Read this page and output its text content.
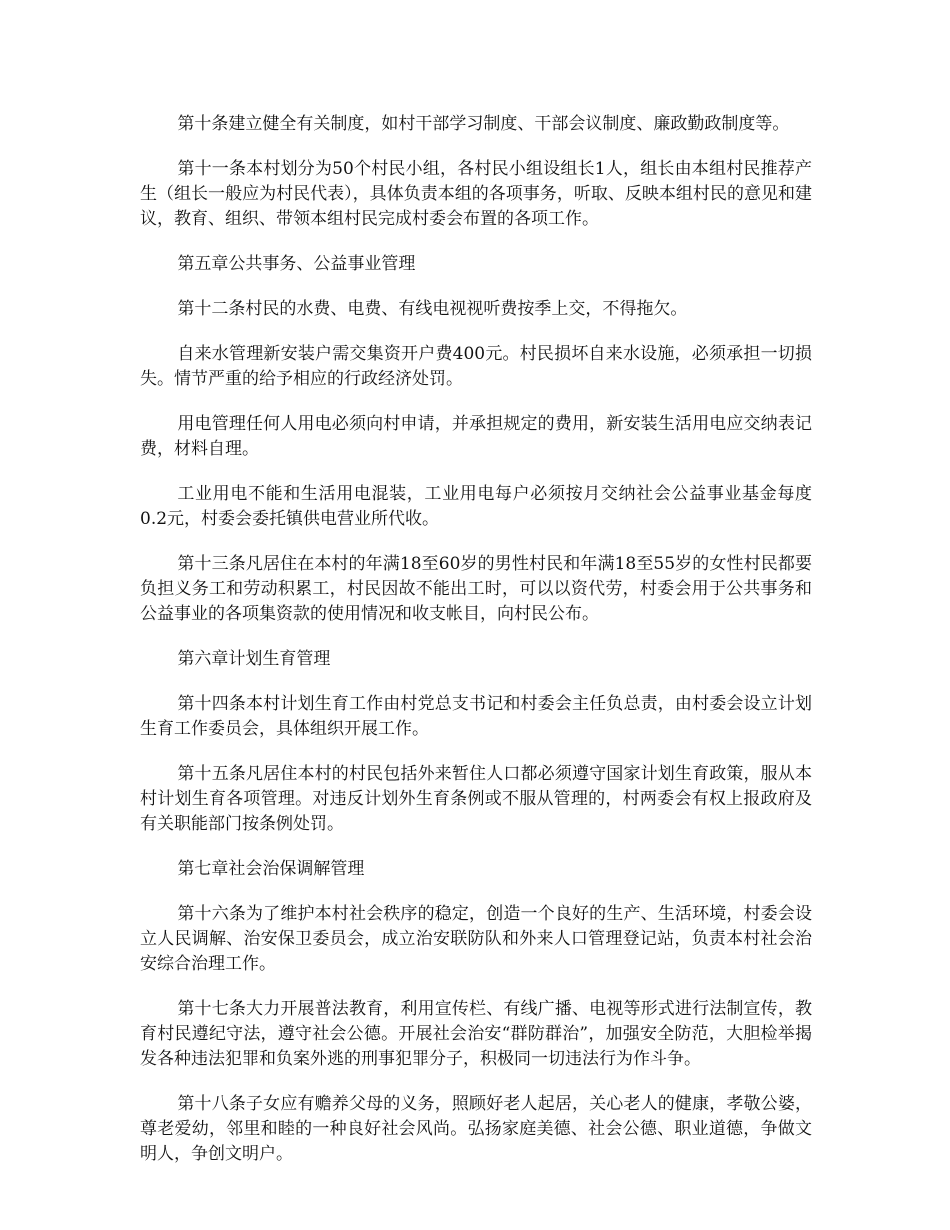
第十条建立健全有关制度，如村干部学习制度、干部会议制度、廉政勤政制度等。

第十一条本村划分为50个村民小组，各村民小组设组长1人，组长由本组村民推荐产生（组长一般应为村民代表），具体负责本组的各项事务，听取、反映本组村民的意见和建议，教育、组织、带领本组村民完成村委会布置的各项工作。

第五章公共事务、公益事业管理

第十二条村民的水费、电费、有线电视视听费按季上交，不得拖欠。

自来水管理新安装户需交集资开户费400元。村民损坏自来水设施，必须承担一切损失。情节严重的给予相应的行政经济处罚。

用电管理任何人用电必须向村申请，并承担规定的费用，新安装生活用电应交纳表记费，材料自理。

工业用电不能和生活用电混装，工业用电每户必须按月交纳社会公益事业基金每度0.2元，村委会委托镇供电营业所代收。

第十三条凡居住在本村的年满18至60岁的男性村民和年满18至55岁的女性村民都要负担义务工和劳动积累工，村民因故不能出工时，可以以资代劳，村委会用于公共事务和公益事业的各项集资款的使用情况和收支帐目，向村民公布。

第六章计划生育管理

第十四条本村计划生育工作由村党总支书记和村委会主任负总责，由村委会设立计划生育工作委员会，具体组织开展工作。

第十五条凡居住本村的村民包括外来暂住人口都必须遵守国家计划生育政策，服从本村计划生育各项管理。对违反计划外生育条例或不服从管理的，村两委会有权上报政府及有关职能部门按条例处罚。

第七章社会治保调解管理

第十六条为了维护本村社会秩序的稳定，创造一个良好的生产、生活环境，村委会设立人民调解、治安保卫委员会，成立治安联防队和外来人口管理登记站，负责本村社会治安综合治理工作。

第十七条大力开展普法教育，利用宣传栏、有线广播、电视等形式进行法制宣传，教育村民遵纪守法，遵守社会公德。开展社会治安“群防群治”，加强安全防范，大胆检举揭发各种违法犯罪和负案外逃的刑事犯罪分子，积极同一切违法行为作斗争。

第十八条子女应有赡养父母的义务，照顾好老人起居，关心老人的健康，孝敬公婆，尊老爱幼，邻里和睦的一种良好社会风尚。弘扬家庭美德、社会公德、职业道德，争做文明人，争创文明户。
